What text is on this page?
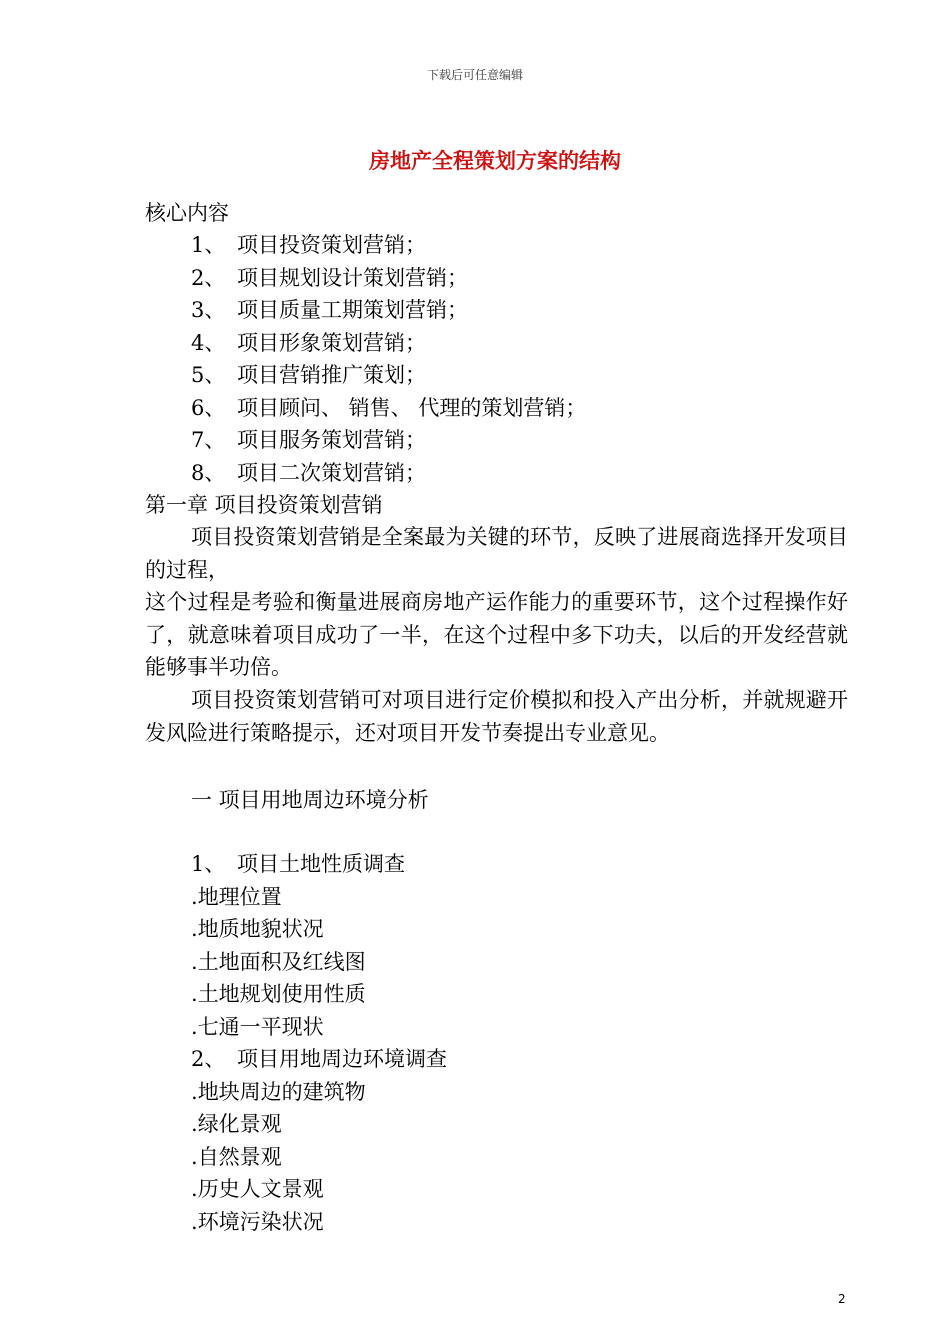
下载后可任意编辑
房地产全程策划方案的结构
核心内容
1、 项目投资策划营销；
2、 项目规划设计策划营销；
3、 项目质量工期策划营销；
4、 项目形象策划营销；
5、 项目营销推广策划；
6、 项目顾问、 销售、 代理的策划营销；
7、 项目服务策划营销；
8、 项目二次策划营销；
第一章 项目投资策划营销
项目投资策划营销是全案最为关键的环节，反映了进展商选择开发项目的过程，
这个过程是考验和衡量进展商房地产运作能力的重要环节，这个过程操作好了，就意味着项目成功了一半，在这个过程中多下功夫，以后的开发经营就能够事半功倍。
项目投资策划营销可对项目进行定价模拟和投入产出分析，并就规避开发风险进行策略提示，还对项目开发节奏提出专业意见。
一 项目用地周边环境分析
1、 项目土地性质调查
.地理位置
.地质地貌状况
.土地面积及红线图
.土地规划使用性质
.七通一平现状
2、 项目用地周边环境调查
.地块周边的建筑物
.绿化景观
.自然景观
.历史人文景观
.环境污染状况
2
